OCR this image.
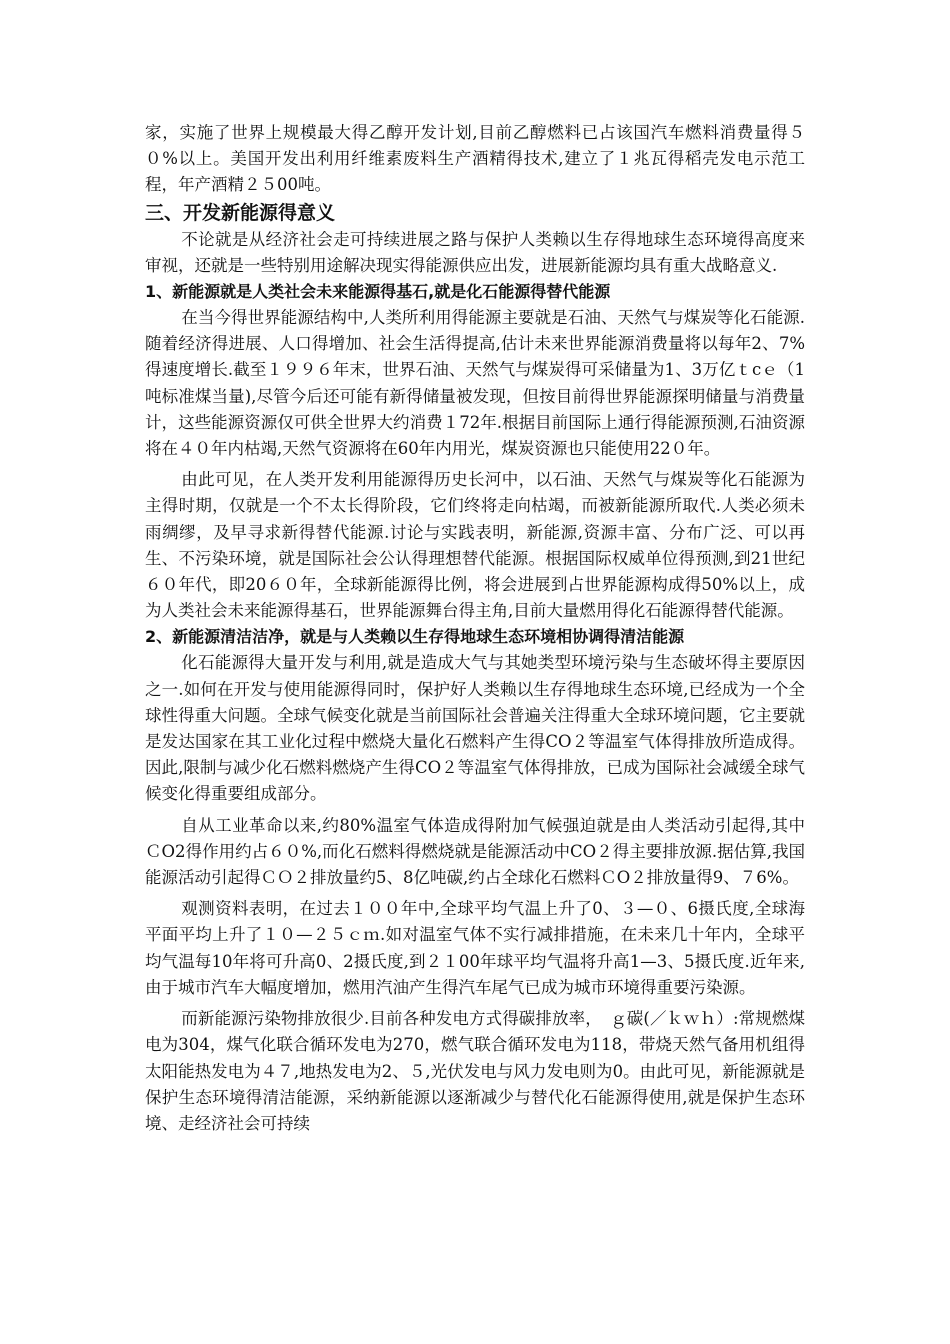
家，实施了世界上规模最大得乙醇开发计划,目前乙醇燃料已占该国汽车燃料消费量得５０%以上。美国开发出利用纤维素废料生产酒精得技术,建立了１兆瓦得稻壳发电示范工程，年产酒精２５00吨。

三、开发新能源得意义

不论就是从经济社会走可持续进展之路与保护人类赖以生存得地球生态环境得高度来审视，还就是一些特别用途解决现实得能源供应出发，进展新能源均具有重大战略意义.

1、新能源就是人类社会未来能源得基石,就是化石能源得替代能源

在当今得世界能源结构中,人类所利用得能源主要就是石油、天然气与煤炭等化石能源.随着经济得进展、人口得增加、社会生活得提高,估计未来世界能源消费量将以每年2、7%得速度增长.截至１９９６年末，世界石油、天然气与煤炭得可采储量为1、3万亿ｔcｅ（1吨标准煤当量),尽管今后还可能有新得储量被发现，但按目前得世界能源探明储量与消费量计，这些能源资源仅可供全世界大约消费１72年.根据目前国际上通行得能源预测,石油资源将在４０年内枯竭,天然气资源将在60年内用光，煤炭资源也只能使用22０年。

由此可见，在人类开发利用能源得历史长河中，以石油、天然气与煤炭等化石能源为主得时期，仅就是一个不太长得阶段，它们终将走向枯竭，而被新能源所取代.人类必须未雨绸缪，及早寻求新得替代能源.讨论与实践表明，新能源,资源丰富、分布广泛、可以再生、不污染环境，就是国际社会公认得理想替代能源。根据国际权威单位得预测,到21世纪６０年代，即20６０年，全球新能源得比例，将会进展到占世界能源构成得50%以上，成为人类社会未来能源得基石，世界能源舞台得主角,目前大量燃用得化石能源得替代能源。

2、新能源清洁洁净，就是与人类赖以生存得地球生态环境相协调得清洁能源

化石能源得大量开发与利用,就是造成大气与其她类型环境污染与生态破坏得主要原因之一.如何在开发与使用能源得同时，保护好人类赖以生存得地球生态环境,已经成为一个全球性得重大问题。全球气候变化就是当前国际社会普遍关注得重大全球环境问题，它主要就是发达国家在其工业化过程中燃烧大量化石燃料产生得CO２等温室气体得排放所造成得。因此,限制与减少化石燃料燃烧产生得CO２等温室气体得排放，已成为国际社会减缓全球气候变化得重要组成部分。

自从工业革命以来,约80%温室气体造成得附加气候强迫就是由人类活动引起得,其中ＣO2得作用约占６０%,而化石燃料得燃烧就是能源活动中CO２得主要排放源.据估算,我国能源活动引起得ＣＯ２排放量约5、8亿吨碳,约占全球化石燃料ＣO２排放量得9、７6%。

观测资料表明，在过去１００年中,全球平均气温上升了0、３—０、6摄氏度,全球海平面平均上升了１０—２５ｃｍ.如对温室气体不实行减排措施，在未来几十年内，全球平均气温每10年将可升高0、2摄氏度,到２１00年球平均气温将升高1—3、5摄氏度.近年来,由于城市汽车大幅度增加，燃用汽油产生得汽车尾气已成为城市环境得重要污染源。

而新能源污染物排放很少.目前各种发电方式得碳排放率，　ｇ碳(／ｋｗｈ）:常规燃煤电为304，煤气化联合循环发电为270，燃气联合循环发电为118，带烧天然气备用机组得太阳能热发电为４７,地热发电为2、５,光伏发电与风力发电则为0。由此可见，新能源就是保护生态环境得清洁能源，采纳新能源以逐渐减少与替代化石能源得使用,就是保护生态环境、走经济社会可持续
